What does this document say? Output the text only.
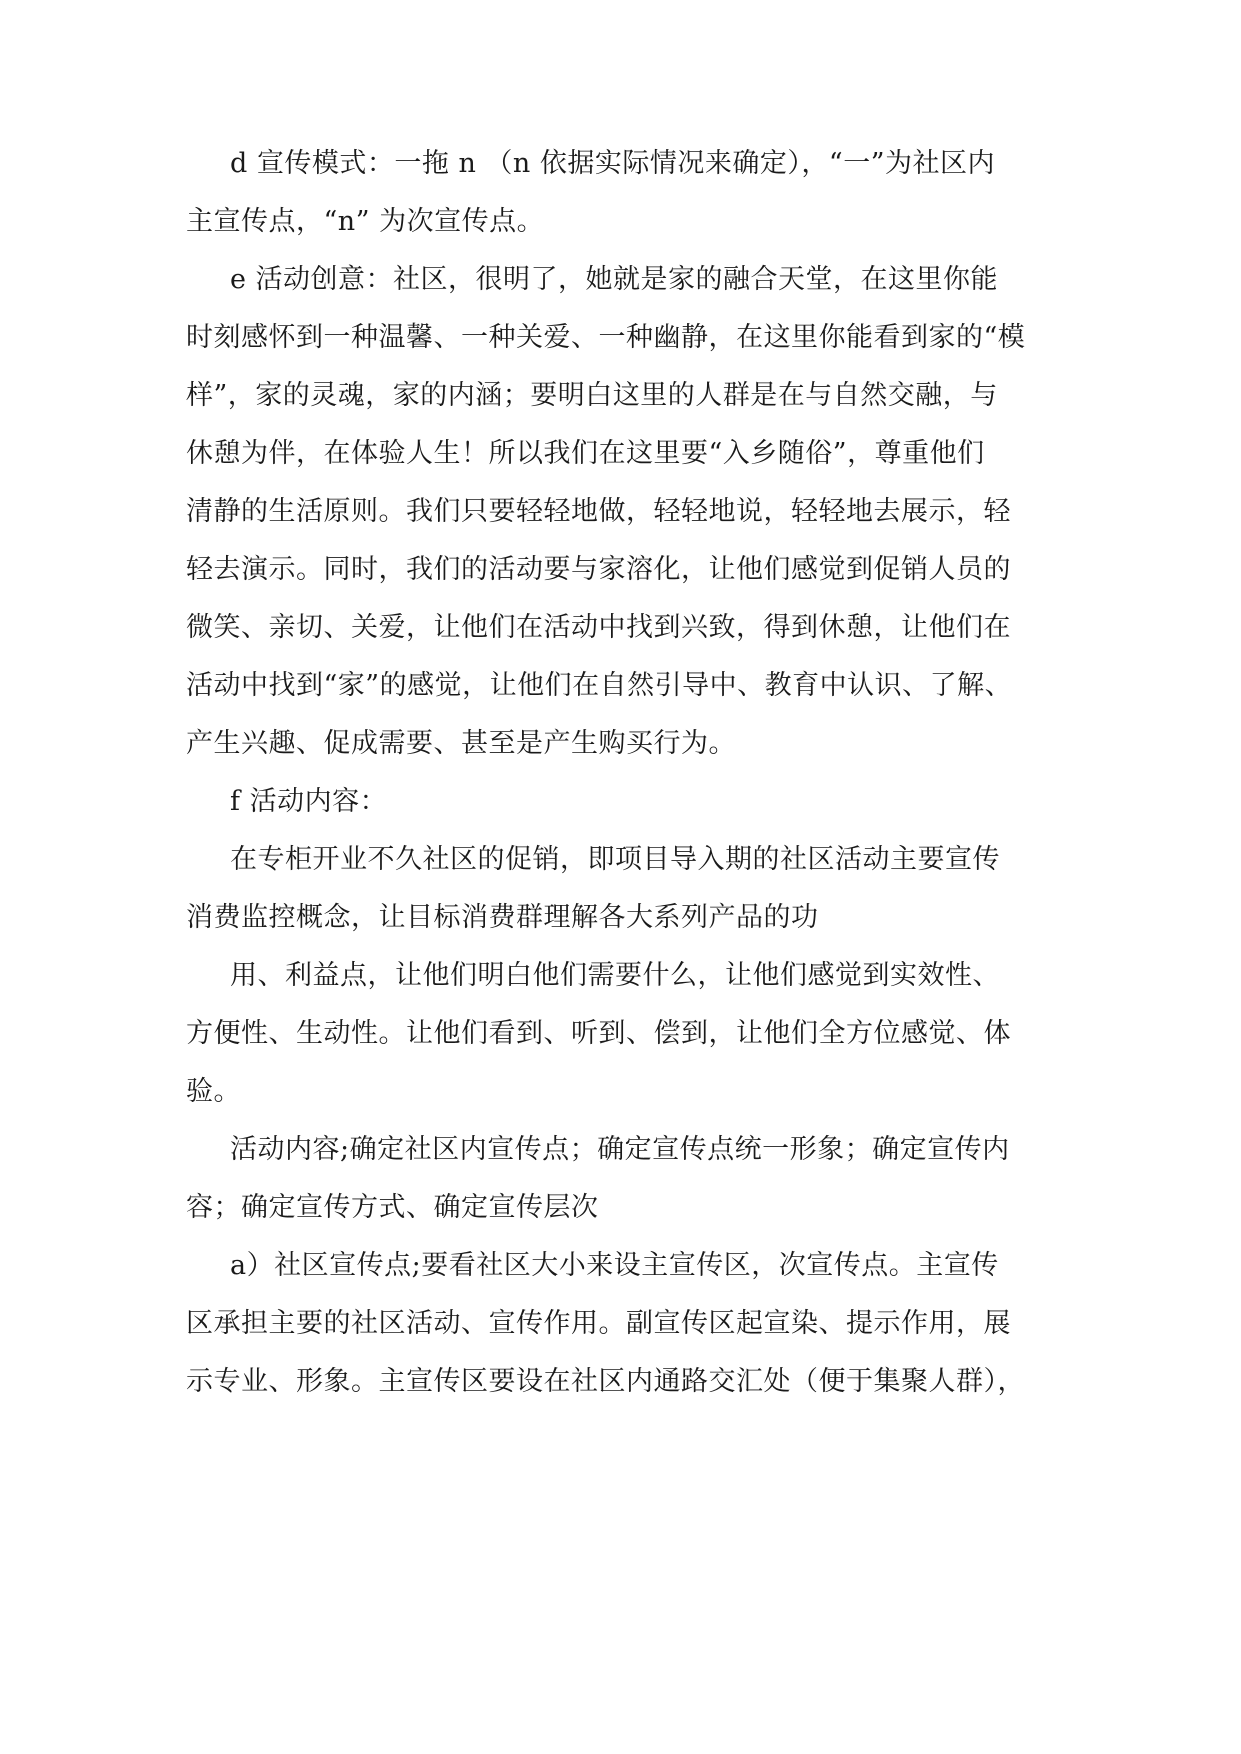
d 宣传模式：一拖 n （n 依据实际情况来确定），“一”为社区内

主宣传点，“n” 为次宣传点。

e 活动创意：社区，很明了，她就是家的融合天堂，在这里你能

时刻感怀到一种温馨、一种关爱、一种幽静，在这里你能看到家的“模

样”，家的灵魂，家的内涵；要明白这里的人群是在与自然交融，与

休憩为伴，在体验人生！所以我们在这里要“入乡随俗”，尊重他们

清静的生活原则。我们只要轻轻地做，轻轻地说，轻轻地去展示，轻

轻去演示。同时，我们的活动要与家溶化，让他们感觉到促销人员的

微笑、亲切、关爱，让他们在活动中找到兴致，得到休憩，让他们在

活动中找到“家”的感觉，让他们在自然引导中、教育中认识、了解、

产生兴趣、促成需要、甚至是产生购买行为。

f 活动内容：

在专柜开业不久社区的促销，即项目导入期的社区活动主要宣传

消费监控概念，让目标消费群理解各大系列产品的功

用、利益点，让他们明白他们需要什么，让他们感觉到实效性、

方便性、生动性。让他们看到、听到、偿到，让他们全方位感觉、体

验。

活动内容;确定社区内宣传点；确定宣传点统一形象；确定宣传内

容；确定宣传方式、确定宣传层次

a）社区宣传点;要看社区大小来设主宣传区，次宣传点。主宣传

区承担主要的社区活动、宣传作用。副宣传区起宣染、提示作用，展

示专业、形象。主宣传区要设在社区内通路交汇处（便于集聚人群），
